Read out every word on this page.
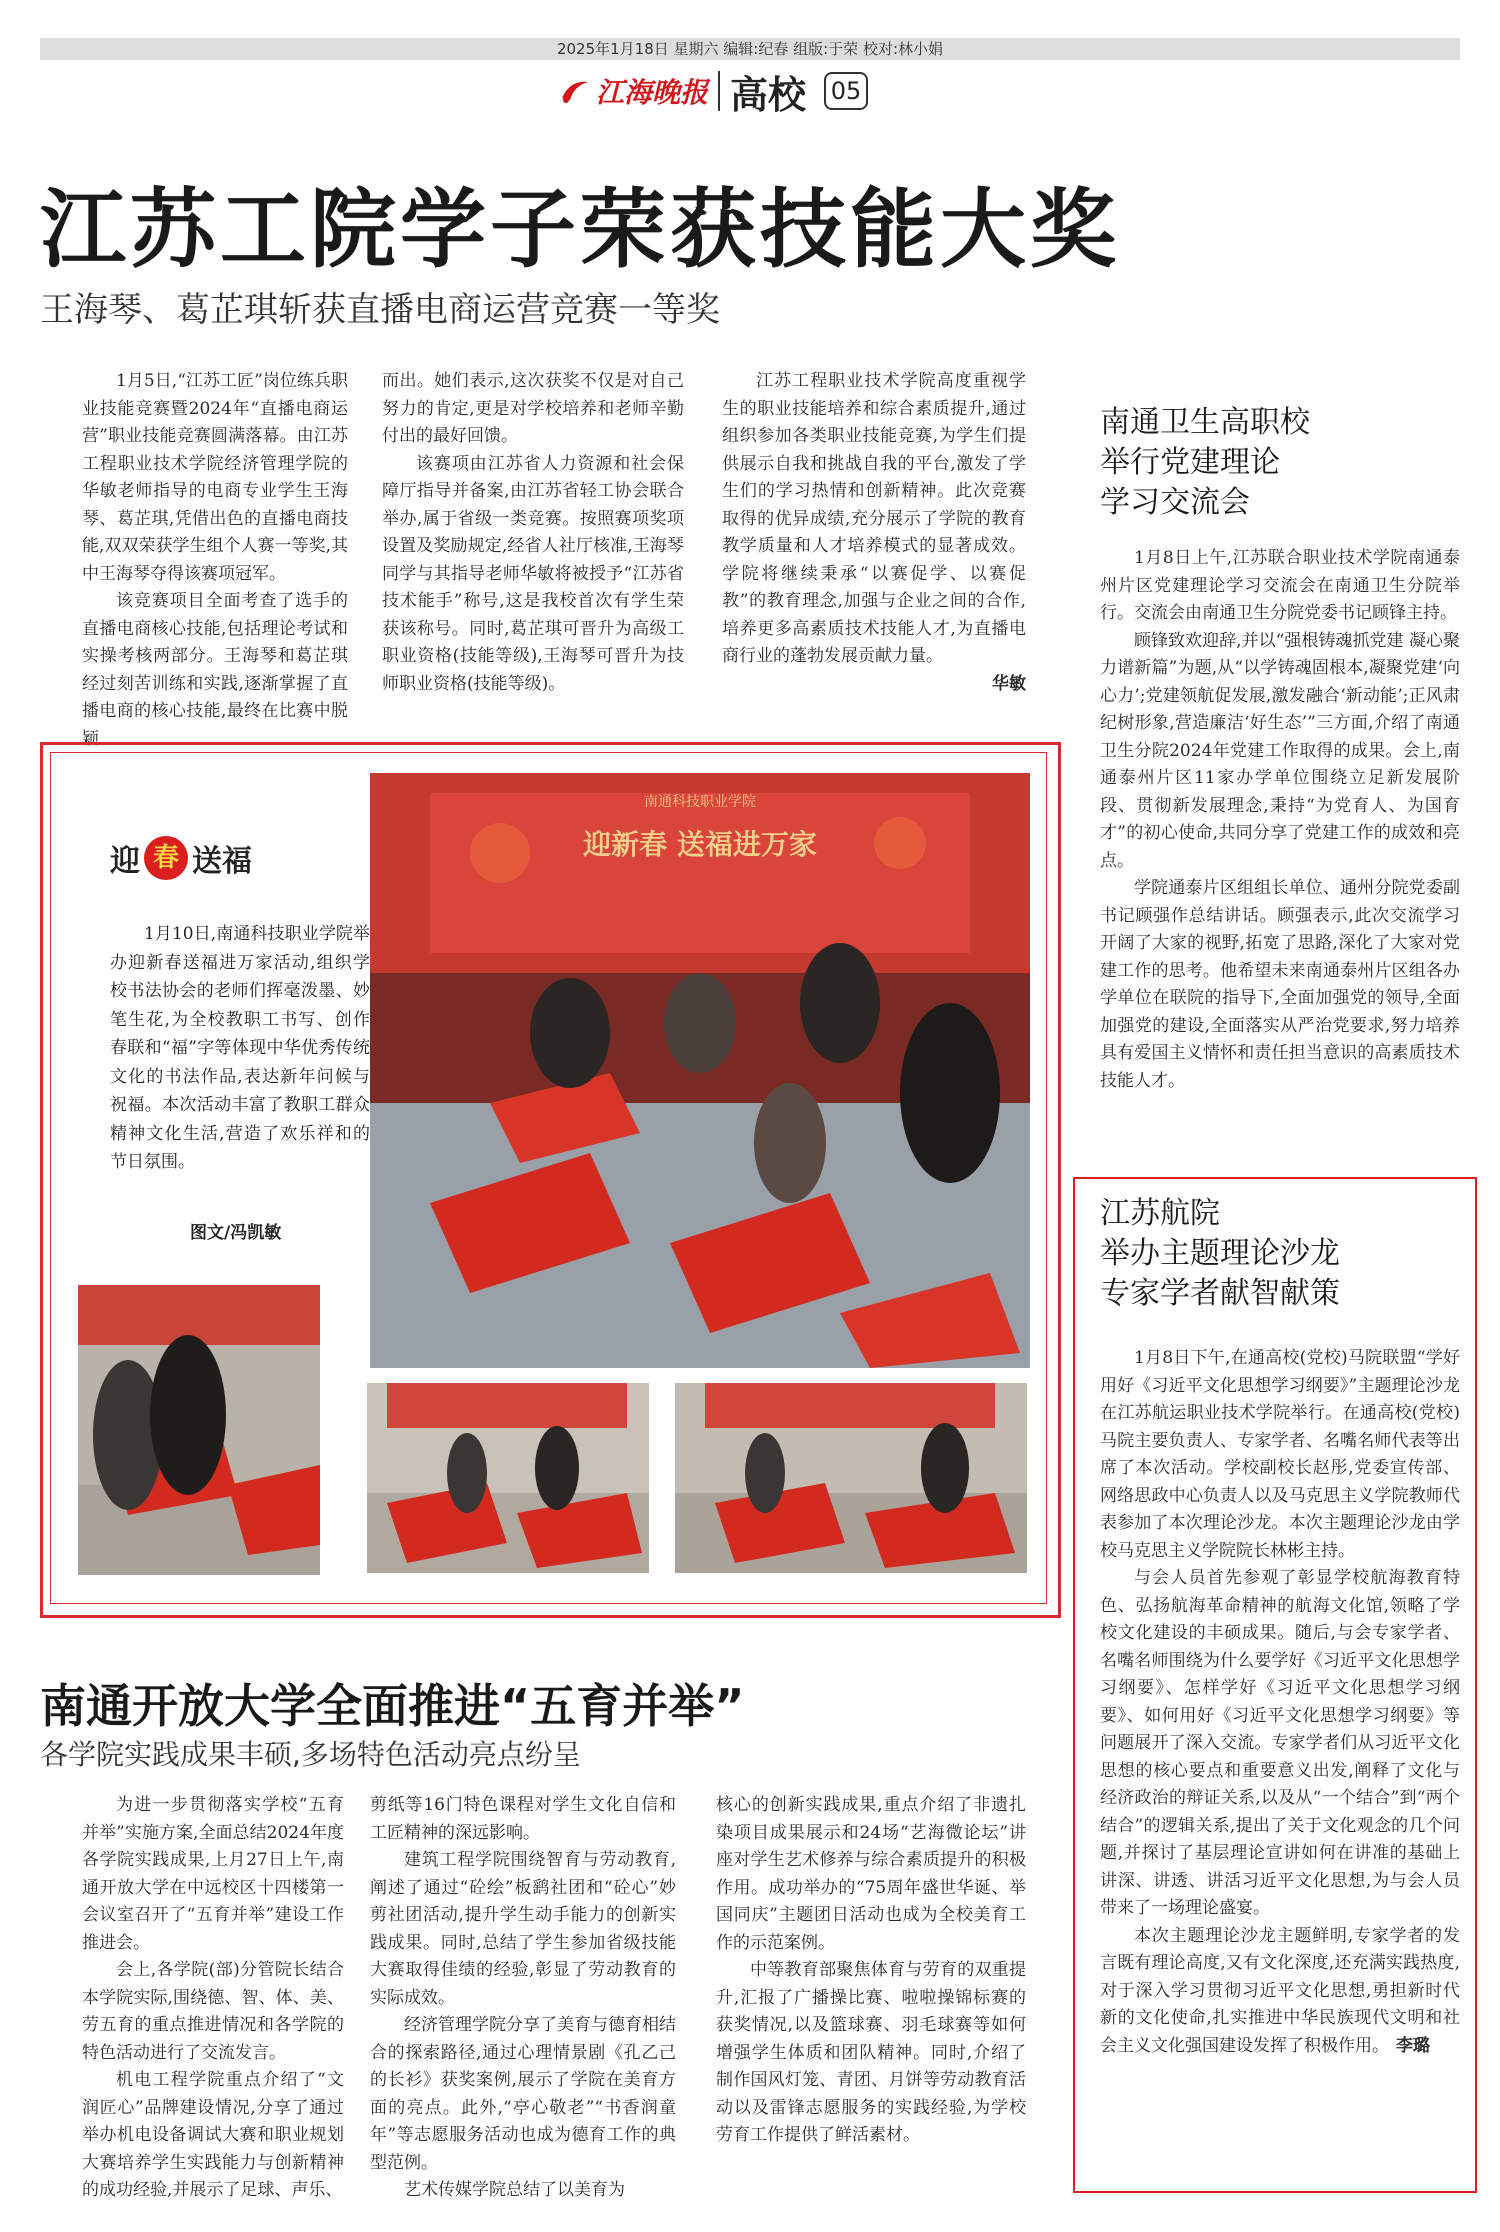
2025年1月18日 星期六 编辑:纪春 组版:于荣 校对:林小娟
江海晚报 高校 05
江苏工院学子荣获技能大奖
王海琴、葛芷琪斩获直播电商运营竞赛一等奖

1月5日,“江苏工匠”岗位练兵职业技能竞赛暨2024年“直播电商运营”职业技能竞赛圆满落幕。由江苏工程职业技术学院经济管理学院的华敏老师指导的电商专业学生王海琴、葛芷琪,凭借出色的直播电商技能,双双荣获学生组个人赛一等奖,其中王海琴夺得该赛项冠军。

该竞赛项目全面考查了选手的直播电商核心技能,包括理论考试和实操考核两部分。王海琴和葛芷琪经过刻苦训练和实践,逐渐掌握了直播电商的核心技能,最终在比赛中脱颖

而出。她们表示,这次获奖不仅是对自己努力的肯定,更是对学校培养和老师辛勤付出的最好回馈。

该赛项由江苏省人力资源和社会保障厅指导并备案,由江苏省轻工协会联合举办,属于省级一类竞赛。按照赛项奖项设置及奖励规定,经省人社厅核准,王海琴同学与其指导老师华敏将被授予“江苏省技术能手”称号,这是我校首次有学生荣获该称号。同时,葛芷琪可晋升为高级工职业资格(技能等级),王海琴可晋升为技师职业资格(技能等级)。

江苏工程职业技术学院高度重视学生的职业技能培养和综合素质提升,通过组织参加各类职业技能竞赛,为学生们提供展示自我和挑战自我的平台,激发了学生们的学习热情和创新精神。此次竞赛取得的优异成绩,充分展示了学院的教育教学质量和人才培养模式的显著成效。学院将继续秉承“以赛促学、以赛促教”的教育理念,加强与企业之间的合作,培养更多高素质技术技能人才,为直播电商行业的蓬勃发展贡献力量。

华敏
南通卫生高职校
举行党建理论
学习交流会

1月8日上午,江苏联合职业技术学院南通泰州片区党建理论学习交流会在南通卫生分院举行。交流会由南通卫生分院党委书记顾锋主持。

顾锋致欢迎辞,并以“强根铸魂抓党建 凝心聚力谱新篇”为题,从“以学铸魂固根本,凝聚党建‘向心力’;党建领航促发展,激发融合‘新动能’;正风肃纪树形象,营造廉洁‘好生态’”三方面,介绍了南通卫生分院2024年党建工作取得的成果。会上,南通泰州片区11家办学单位围绕立足新发展阶段、贯彻新发展理念,秉持“为党育人、为国育才”的初心使命,共同分享了党建工作的成效和亮点。

学院通泰片区组组长单位、通州分院党委副书记顾强作总结讲话。顾强表示,此次交流学习开阔了大家的视野,拓宽了思路,深化了大家对党建工作的思考。他希望未来南通泰州片区组各办学单位在联院的指导下,全面加强党的领导,全面加强党的建设,全面落实从严治党要求,努力培养具有爱国主义情怀和责任担当意识的高素质技术技能人才。

江苏航院
举办主题理论沙龙
专家学者献智献策

1月8日下午,在通高校(党校)马院联盟“学好用好《习近平文化思想学习纲要》”主题理论沙龙在江苏航运职业技术学院举行。在通高校(党校)马院主要负责人、专家学者、名嘴名师代表等出席了本次活动。学校副校长赵彤,党委宣传部、网络思政中心负责人以及马克思主义学院教师代表参加了本次理论沙龙。本次主题理论沙龙由学校马克思主义学院院长林彬主持。

与会人员首先参观了彰显学校航海教育特色、弘扬航海革命精神的航海文化馆,领略了学校文化建设的丰硕成果。随后,与会专家学者、名嘴名师围绕为什么要学好《习近平文化思想学习纲要》、怎样学好《习近平文化思想学习纲要》、如何用好《习近平文化思想学习纲要》等问题展开了深入交流。专家学者们从习近平文化思想的核心要点和重要意义出发,阐释了文化与经济政治的辩证关系,以及从“一个结合”到“两个结合”的逻辑关系,提出了关于文化观念的几个问题,并探讨了基层理论宣讲如何在讲准的基础上讲深、讲透、讲活习近平文化思想,为与会人员带来了一场理论盛宴。

本次主题理论沙龙主题鲜明,专家学者的发言既有理论高度,又有文化深度,还充满实践热度,对于深入学习贯彻习近平文化思想,勇担新时代新的文化使命,扎实推进中华民族现代文明和社会主义文化强国建设发挥了积极作用。 李璐
迎 春 送福
1月10日,南通科技职业学院举办迎新春送福进万家活动,组织学校书法协会的老师们挥毫泼墨、妙笔生花,为全校教职工书写、创作春联和“福”字等体现中华优秀传统文化的书法作品,表达新年问候与祝福。本次活动丰富了教职工群众精神文化生活,营造了欢乐祥和的节日氛围。
图文/冯凯敏
南通科技职业学院
迎新春 送福进万家
南通开放大学全面推进“五育并举”
各学院实践成果丰硕,多场特色活动亮点纷呈

为进一步贯彻落实学校“五育并举”实施方案,全面总结2024年度各学院实践成果,上月27日上午,南通开放大学在中远校区十四楼第一会议室召开了“五育并举”建设工作推进会。

会上,各学院(部)分管院长结合本学院实际,围绕德、智、体、美、劳五育的重点推进情况和各学院的特色活动进行了交流发言。

机电工程学院重点介绍了“文润匠心”品牌建设情况,分享了通过举办机电设备调试大赛和职业规划大赛培养学生实践能力与创新精神的成功经验,并展示了足球、声乐、

剪纸等16门特色课程对学生文化自信和工匠精神的深远影响。

建筑工程学院围绕智育与劳动教育,阐述了通过“砼绘”板鹞社团和“砼心”妙剪社团活动,提升学生动手能力的创新实践成果。同时,总结了学生参加省级技能大赛取得佳绩的经验,彰显了劳动教育的实际成效。

经济管理学院分享了美育与德育相结合的探索路径,通过心理情景剧《孔乙己的长衫》获奖案例,展示了学院在美育方面的亮点。此外,“亭心敬老”“书香润童年”等志愿服务活动也成为德育工作的典型范例。

艺术传媒学院总结了以美育为

核心的创新实践成果,重点介绍了非遗扎染项目成果展示和24场“艺海微论坛”讲座对学生艺术修养与综合素质提升的积极作用。成功举办的“75周年盛世华诞、举国同庆”主题团日活动也成为全校美育工作的示范案例。

中等教育部聚焦体育与劳育的双重提升,汇报了广播操比赛、啦啦操锦标赛的获奖情况,以及篮球赛、羽毛球赛等如何增强学生体质和团队精神。同时,介绍了制作国风灯笼、青团、月饼等劳动教育活动以及雷锋志愿服务的实践经验,为学校劳育工作提供了鲜活素材。
